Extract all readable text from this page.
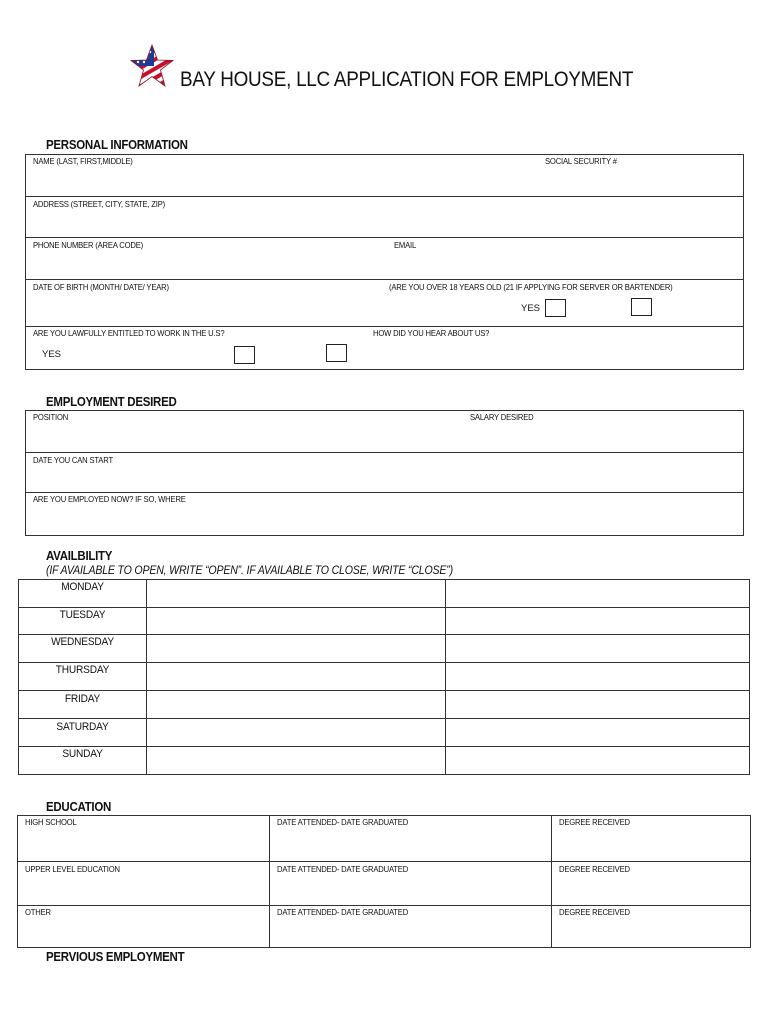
BAY HOUSE, LLC APPLICATION FOR EMPLOYMENT
PERSONAL INFORMATION
NAME (LAST, FIRST,MIDDLE)	SOCIAL SECURITY #
ADDRESS (STREET, CITY, STATE, ZIP)
PHONE NUMBER (AREA CODE)	EMAIL
DATE OF BIRTH (MONTH/ DATE/ YEAR)	(ARE YOU OVER 18 YEARS OLD (21 IF APPLYING FOR SERVER OR BARTENDER)
YES
ARE YOU LAWFULLY ENTITLED TO WORK IN THE U.S?	HOW DID YOU HEAR ABOUT US?
YES
EMPLOYMENT DESIRED
POSITION	SALARY DESIRED
DATE YOU CAN START
ARE YOU EMPLOYED NOW? IF SO, WHERE
AVAILBILITY
(IF AVAILABLE TO OPEN, WRITE “OPEN”. IF AVAILABLE TO CLOSE, WRITE “CLOSE”)
MONDAY
TUESDAY
WEDNESDAY
THURSDAY
FRIDAY
SATURDAY
SUNDAY
EDUCATION
HIGH SCHOOL	DATE ATTENDED- DATE GRADUATED	DEGREE RECEIVED
UPPER LEVEL EDUCATION	DATE ATTENDED- DATE GRADUATED	DEGREE RECEIVED
OTHER	DATE ATTENDED- DATE GRADUATED	DEGREE RECEIVED
PERVIOUS EMPLOYMENT
